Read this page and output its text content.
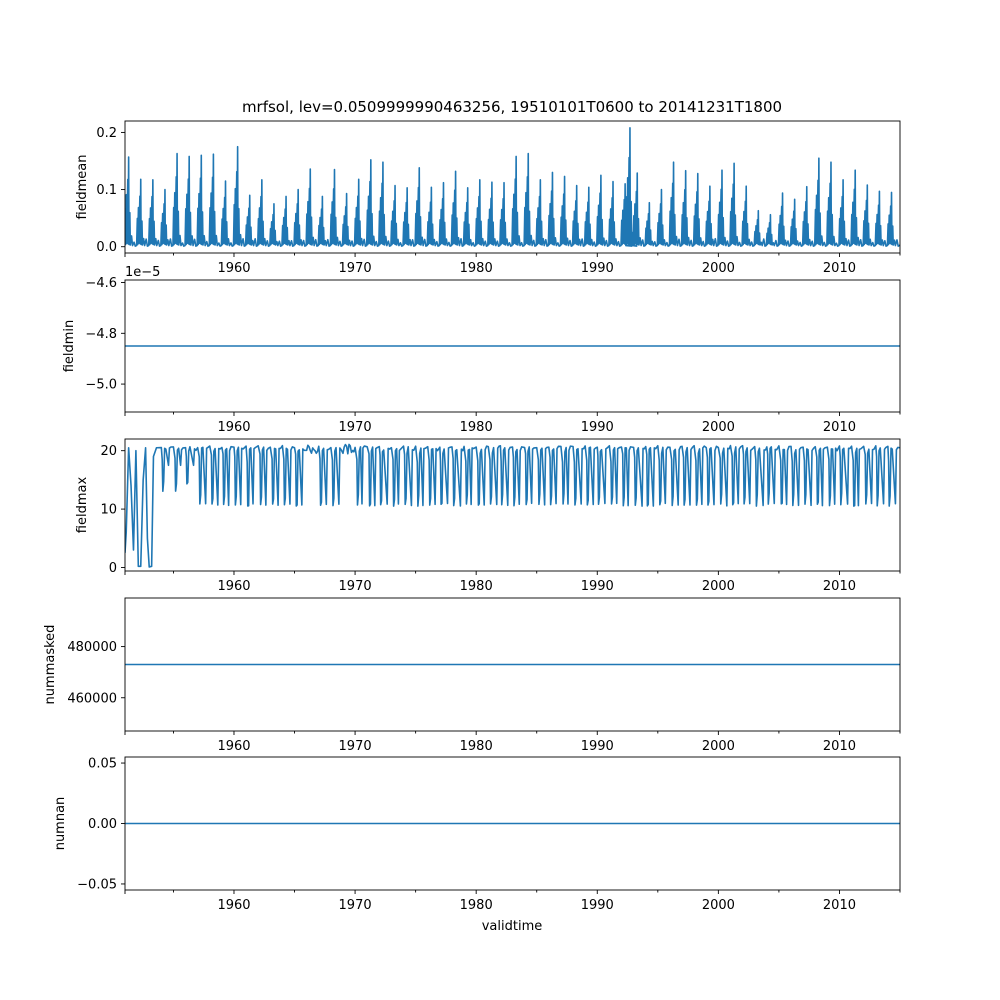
mrfsol, lev=0.0509999990463256, 19510101T0600 to 20141231T1800
validtime
0.0
0.1
0.2
1960	1970	1980	1990	2000	2010
fieldmean
−5.0
−4.8
−4.6
1960	1970	1980	1990	2000	2010
fieldmin
1e−5
0
10
20
1960	1970	1980	1990	2000	2010
fieldmax
460000
480000
1960	1970	1980	1990	2000	2010
nummasked
−0.05
0.00
0.05
1960	1970	1980	1990	2000	2010
numnan
